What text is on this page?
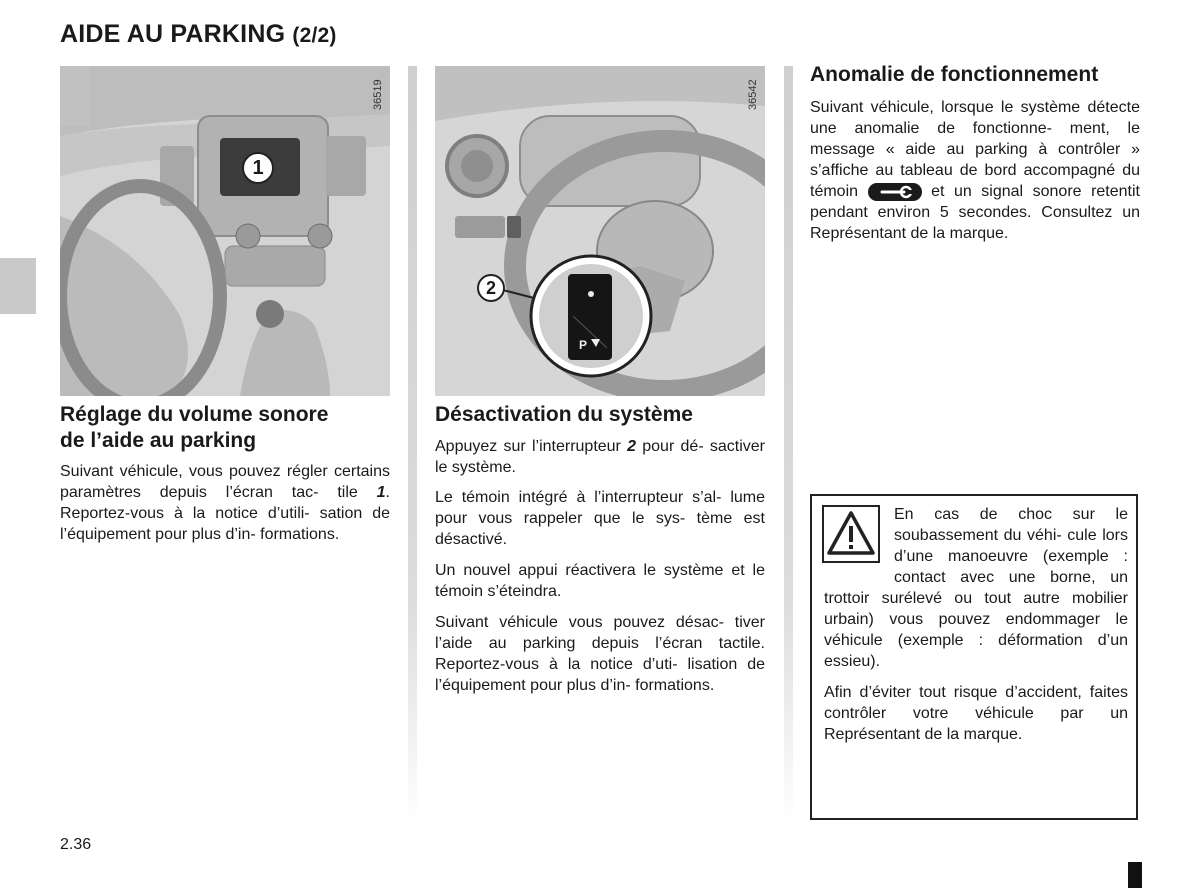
AIDE AU PARKING (2/2)
1
36519
P
2
36542
Réglage du volume sonore
de l’aide au parking

Suivant véhicule, vous pouvez régler certains paramètres depuis l’écran tac- tile 1. Reportez-vous à la notice d’utili- sation de l’équipement pour plus d’in- formations.

Désactivation du système

Appuyez sur l’interrupteur 2 pour dé- sactiver le système.

Le témoin intégré à l’interrupteur s’al- lume pour vous rappeler que le sys- tème est désactivé.

Un nouvel appui réactivera le système et le témoin s’éteindra.

Suivant véhicule vous pouvez désac- tiver l’aide au parking depuis l’écran tactile. Reportez-vous à la notice d’uti- lisation de l’équipement pour plus d’in- formations.

Anomalie de fonctionnement

Suivant véhicule, lorsque le système détecte une anomalie de fonctionne- ment, le message « aide au parking à contrôler » s’affiche au tableau de bord accompagné du témoin	et un signal sonore retentit pendant environ 5 secondes. Consultez un Représentant de la marque.

En cas de choc sur le soubassement du véhi- cule lors d’une manoeuvre (exemple : contact avec une borne, un trottoir surélevé ou tout autre mobilier urbain) vous pouvez endommager le véhicule (exemple : déformation d’un essieu).
Afin d’éviter tout risque d’accident, faites contrôler votre véhicule par un Représentant de la marque.
2.36
